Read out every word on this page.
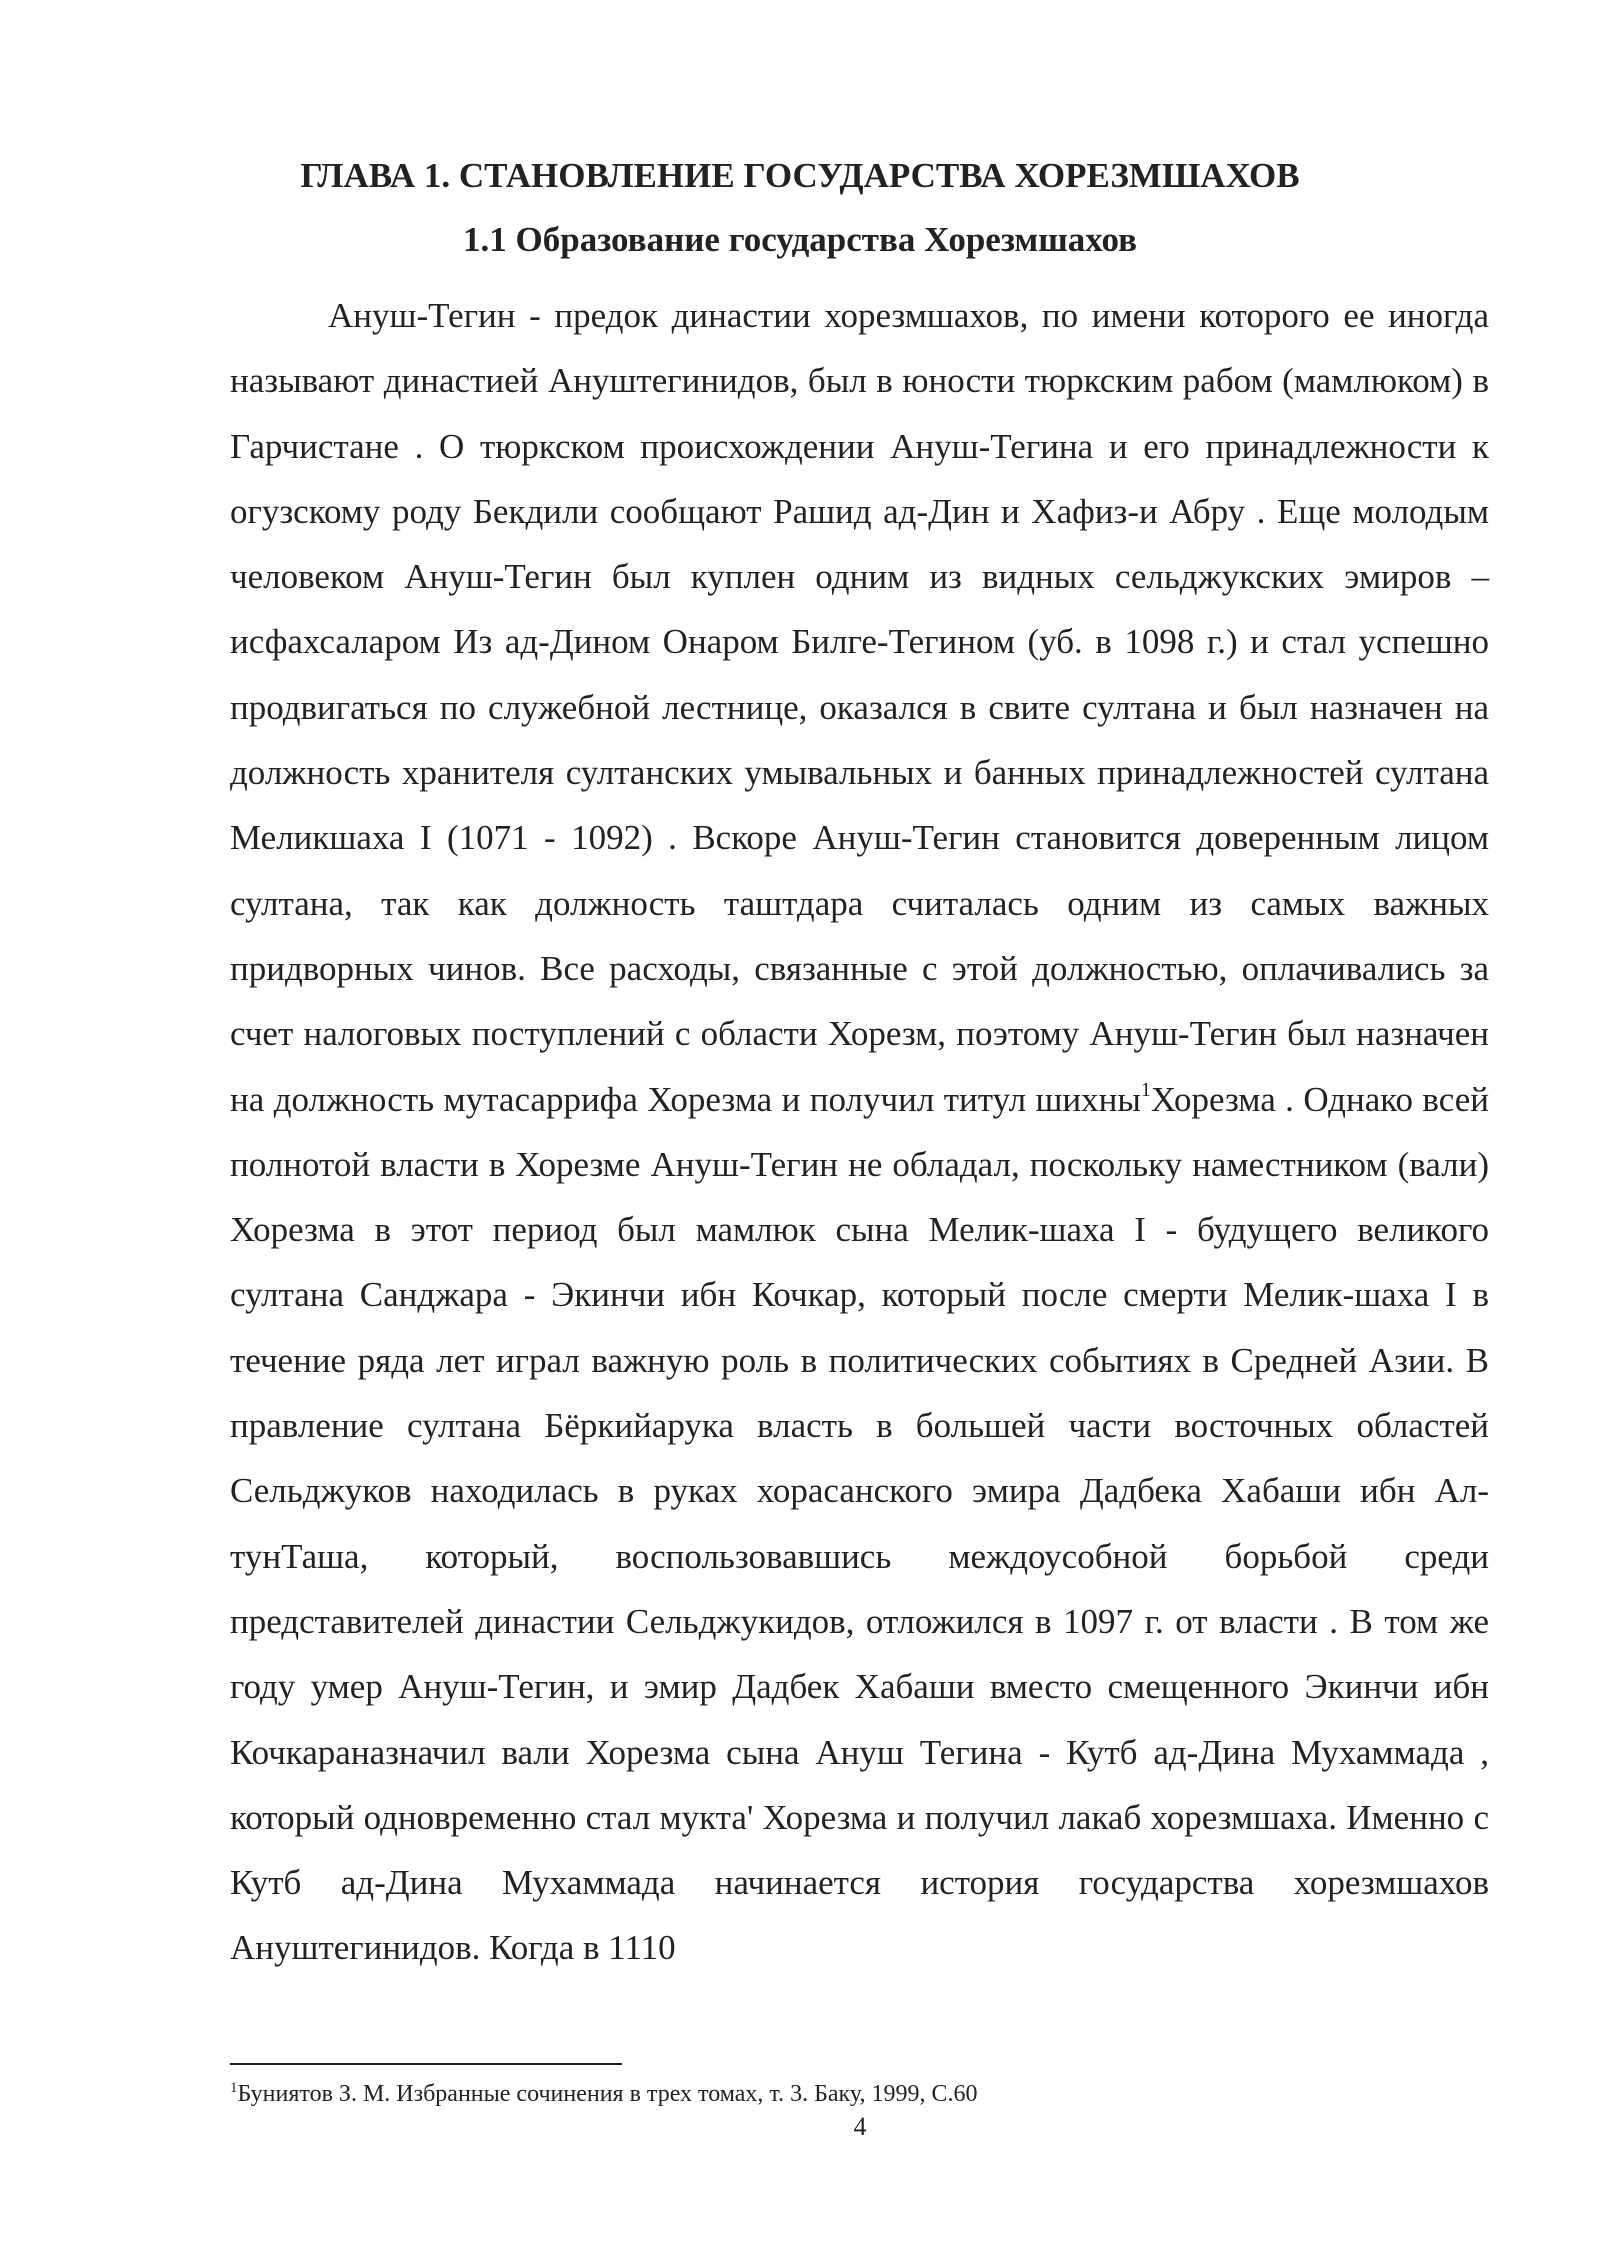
ГЛАВА 1. СТАНОВЛЕНИЕ ГОСУДАРСТВА ХОРЕЗМШАХОВ
1.1 Образование государства Хорезмшахов

Ануш-Тегин - предок династии хорезмшахов, по имени которого ее иногда называют династией Ануштегинидов, был в юности тюркским рабом (мамлюком) в Гарчистане . О тюркском происхождении Ануш-Тегина и его принадлежности к огузскому роду Бекдили сообщают Рашид ад-Дин и Хафиз-и Абру . Еще молодым человеком Ануш-Тегин был куплен одним из видных сельджукских эмиров – исфахсаларом Из ад-Дином Онаром Билге-Тегином (уб. в 1098 г.) и стал успешно продвигаться по служебной лестнице, оказался в свите султана и был назначен на должность хранителя султанских умывальных и банных принадлежностей султана Меликшаха I (1071 - 1092) . Вскоре Ануш-Тегин становится доверенным лицом султана, так как должность таштдара считалась одним из самых важных придворных чинов. Все расходы, связанные с этой должностью, оплачивались за счет налоговых поступлений с области Хорезм, поэтому Ануш-Тегин был назначен на должность мутасаррифа Хорезма и получил титул шихны$^1$Хорезма . Однако всей полнотой власти в Хорезме Ануш-Тегин не обладал, поскольку наместником (вали) Хорезма в этот период был мамлюк сына Мелик-шаха I - будущего великого султана Санджара - Экинчи ибн Кочкар, который после смерти Мелик-шаха I в течение ряда лет играл важную роль в политических событиях в Средней Азии. В правление султана Бёркийарука власть в большей части восточных областей Сельджуков находилась в руках хорасанского эмира Дадбека Хабаши ибн Ал-тунТаша, который, воспользовавшись междоусобной борьбой среди представителей династии Сельджукидов, отложился в 1097 г. от власти . В том же году умер Ануш-Тегин, и эмир Дадбек Хабаши вместо смещенного Экинчи ибн Кочкараназначил вали Хорезма сына Ануш Тегина - Кутб ад-Дина Мухаммада , который одновременно стал мукта' Хорезма и получил лакаб хорезмшаха. Именно с Кутб ад-Дина Мухаммада начинается история государства хорезмшахов Ануштегинидов. Когда в 1110

$^1$Буниятов З. М. Избранные сочинения в трех томах, т. 3. Баку, 1999, С.60

4
